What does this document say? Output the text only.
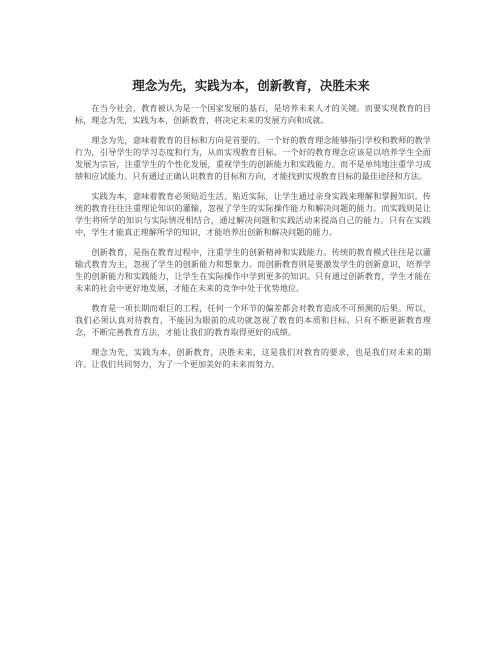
理念为先，实践为本，创新教育，决胜未来

在当今社会，教育被认为是一个国家发展的基石，是培养未来人才的关键。而要实现教育的目标，理念为先，实践为本，创新教育，将决定未来的发展方向和成就。

理念为先，意味着教育的目标和方向是首要的。一个好的教育理念能够指引学校和教师的教学行为，引导学生的学习态度和行为，从而实现教育目标。一个好的教育理念应该是以培养学生全面发展为宗旨，注重学生的个性化发展，重视学生的创新能力和实践能力。而不是单纯地注重学习成绩和应试能力。只有通过正确认识教育的目标和方向，才能找到实现教育目标的最佳途径和方法。

实践为本，意味着教育必须贴近生活、贴近实际，让学生通过亲身实践来理解和掌握知识。传统的教育往往注重理论知识的灌输，忽视了学生的实际操作能力和解决问题的能力。而实践则是让学生将所学的知识与实际情况相结合，通过解决问题和实践活动来提高自己的能力。只有在实践中，学生才能真正理解所学的知识，才能培养出创新和解决问题的能力。

创新教育，是指在教育过程中，注重学生的创新精神和实践能力。传统的教育模式往往是以灌输式教育为主，忽视了学生的创新能力和想象力。而创新教育则是要激发学生的创新意识，培养学生的创新能力和实践能力，让学生在实际操作中学到更多的知识。只有通过创新教育，学生才能在未来的社会中更好地发展，才能在未来的竞争中处于优势地位。

教育是一项长期而艰巨的工程，任何一个环节的偏差都会对教育造成不可预测的后果。所以，我们必须认真对待教育，不能因为眼前的成功就忽视了教育的本质和目标。只有不断更新教育理念，不断完善教育方法，才能让我们的教育取得更好的成绩。

理念为先，实践为本，创新教育，决胜未来，这是我们对教育的要求，也是我们对未来的期许。让我们共同努力，为了一个更加美好的未来而努力。
